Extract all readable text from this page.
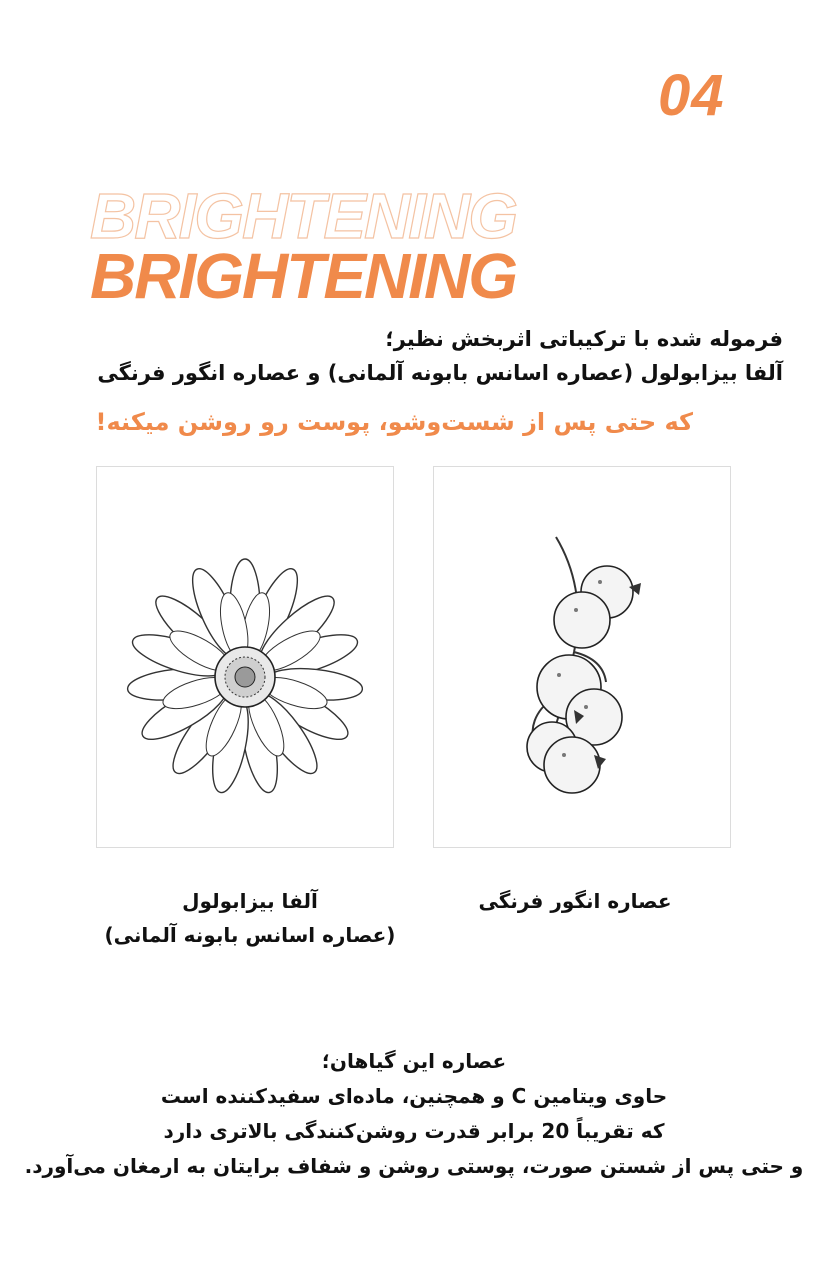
04
BRIGHTENING
BRIGHTENING
فرموله شده با ترکیباتی اثربخش نظیر؛
آلفا بیزابولول (عصاره اسانس بابونه آلمانی) و عصاره انگور فرنگی
که حتی پس از شست‌وشو، پوست رو روشن میکنه!
آلفا بیزابولول
(عصاره اسانس بابونه آلمانی)
عصاره انگور فرنگی
عصاره این گیاهان؛
حاوی ویتامین C و همچنین، ماده‌ای سفیدکننده است
که تقریباً 20 برابر قدرت روشن‌کنندگی بالاتری دارد
و حتی پس از شستن صورت، پوستی روشن و شفاف برایتان به ارمغان می‌آورد.
